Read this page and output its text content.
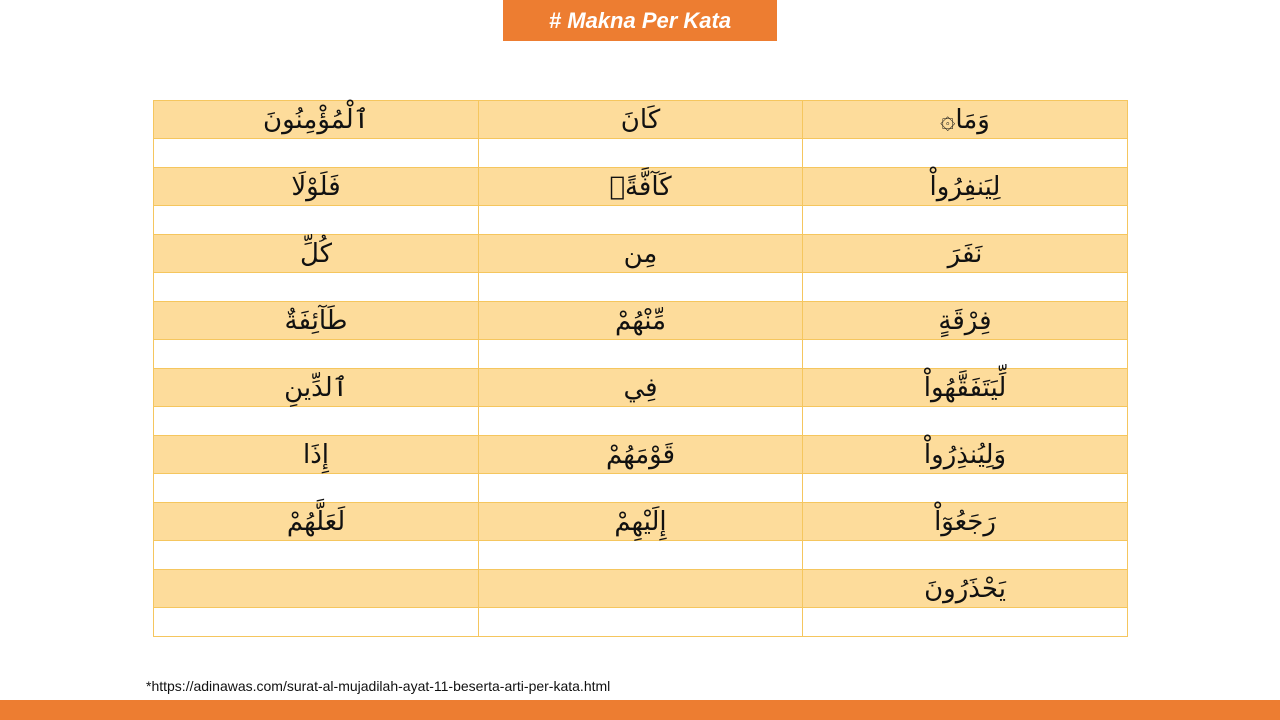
# Makna Per Kata
ٱلْمُؤْمِنُونَ	كَانَ	۞وَمَا

فَلَوْلَا	كَآفَّةًۚ	لِيَنفِرُواْ

كُلِّ	مِن	نَفَرَ

طَآئِفَةٌ	مِّنْهُمْ	فِرْقَةٍ

ٱلدِّينِ	فِي	لِّيَتَفَقَّهُواْ

إِذَا	قَوْمَهُمْ	وَلِيُنذِرُواْ

لَعَلَّهُمْ	إِلَيْهِمْ	رَجَعُوٓاْ

		يَحْذَرُونَ

*https://adinawas.com/surat-al-mujadilah-ayat-11-beserta-arti-per-kata.html
